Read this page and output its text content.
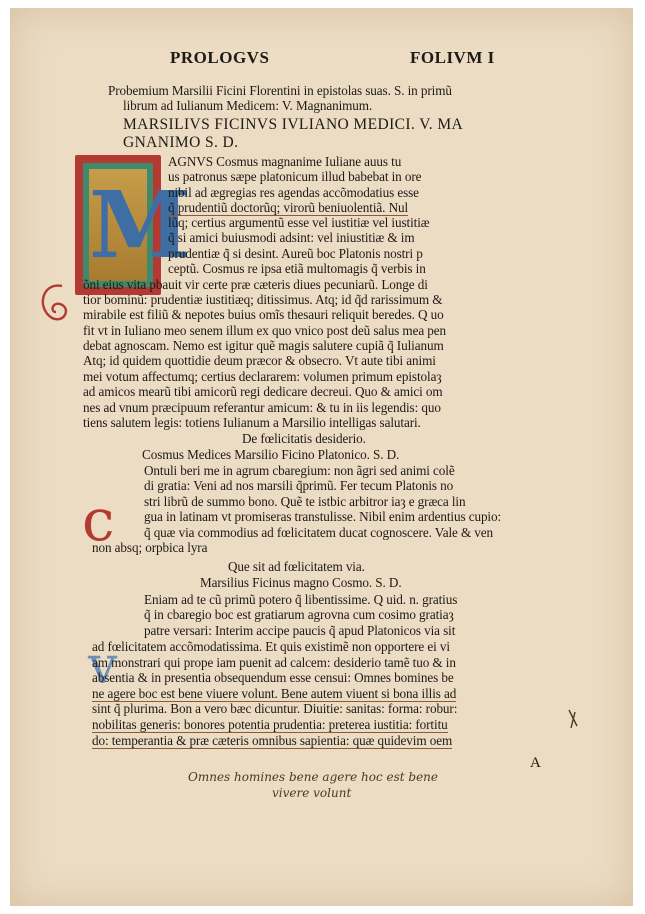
PROLOGVS	FOLIVM I
M
c
v
Probemium Marsilii Ficini Florentini in epistolas suas. S. in primũ
librum ad Iulianum Medicem: V. Magnanimum.
MARSILIVS FICINVS IVLIANO MEDICI. V. MA
GNANIMO S. D.
AGNVS Cosmus magnanime Iuliane auus tu
us patronus sæpe platonicum illud babebat in ore
nibil ad ægregias res agendas accõmodatius esse
q̃ prudentiũ doctorũq; virorũ beniuolentiã. Nul
lũq; certius argumentũ esse vel iustitiæ vel iustitiæ
q̃ si amici buiusmodi adsint: vel iniustitiæ & im
prudentiæ q̃ si desint. Aureũ boc Platonis nostri p
ceptũ. Cosmus re ipsa etiã multomagis q̃ verbis in
õni eius vita pbauit vir certe præ cæteris diues pecuniarũ. Longe di
tior bominũ: prudentiæ iustitiæq; ditissimus. Atq; id q̃d rarissimum &
mirabile est filiũ & nepotes buius omĩs thesauri reliquit beredes. Q uo
fit vt in Iuliano meo senem illum ex quo vnico post deũ salus mea pen
debat agnoscam. Nemo est igitur quẽ magis salutere cupiã q̃ Iulianum
Atq; id quidem quottidie deum præcor & obsecro. Vt aute tibi animi
mei votum affectumq; certius declararem: volumen primum epistolaȝ
ad amicos mearũ tibi amicorũ regi dedicare decreui. Quo & amici om
nes ad vnum præcipuum referantur amicum: & tu in iis legendis: quo
tiens salutem legis: totiens Iulianum a Marsilio intelligas salutari.
De fœlicitatis desiderio.
Cosmus Medices Marsilio Ficino Platonico. S. D.
Ontuli beri me in agrum cbaregium: non ãgri sed animi colẽ
di gratia: Veni ad nos marsili q̃primũ. Fer tecum Platonis no
stri librũ de summo bono. Quẽ te istbic arbitror iaȝ e græca lin
gua in latinam vt promiseras transtulisse. Nibil enim ardentius cupio:
q̃ quæ via commodius ad fœlicitatem ducat cognoscere. Vale & ven
non absq; orpbica lyra
Que sit ad fœlicitatem via.
Marsilius Ficinus magno Cosmo. S. D.
Eniam ad te cũ primũ potero q̃ libentissime. Q uid. n. gratius
q̃ in cbaregio boc est gratiarum agrovna cum cosimo gratiaȝ
patre versari: Interim accipe paucis q̃ apud Platonicos via sit
ad fœlicitatem accõmodatissima. Et quis existimẽ non opportere ei vi
am monstrari qui prope iam puenit ad calcem: desiderio tamẽ tuo & in
absentia & in presentia obsequendum esse censui: Omnes bomines be
ne agere boc est bene viuere volunt. Bene autem viuent si bona illis ad
sint q̃ plurima. Bon a vero bæc dicuntur. Diuitie: sanitas: forma: robur:
nobilitas generis: bonores potentia prudentia: preterea iustitia: fortitu
do: temperantia & præ cæteris omnibus sapientia: quæ quidevim oem
A
Omnes homines bene agere hoc est bene
vivere volunt
